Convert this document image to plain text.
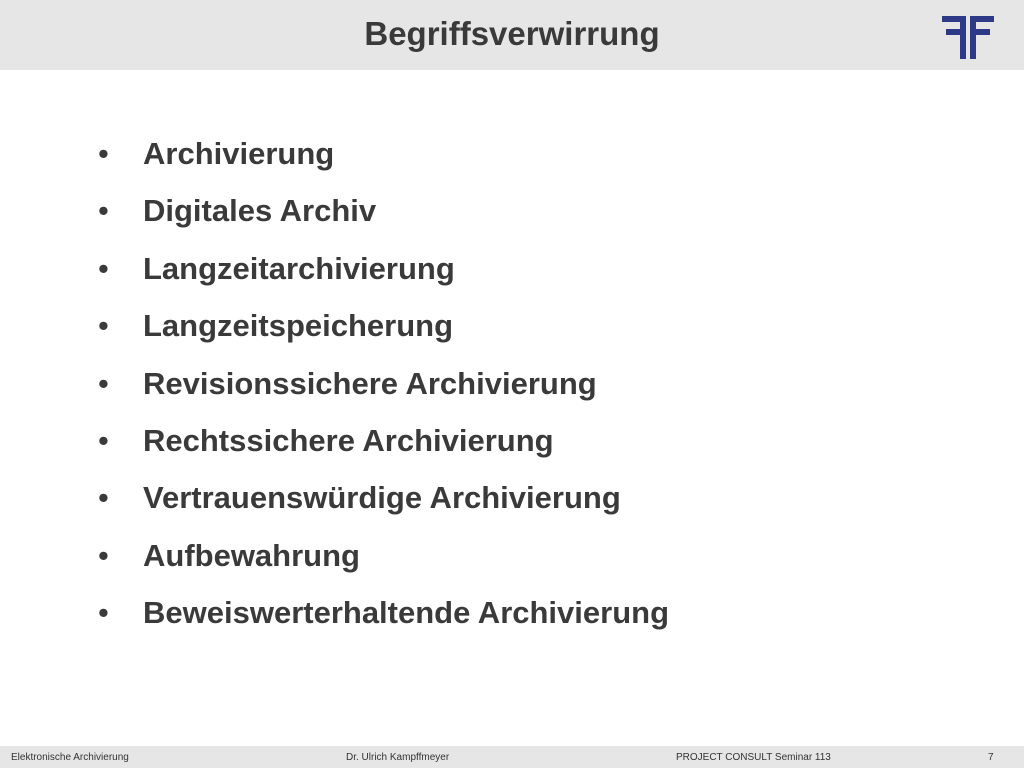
Begriffsverwirrung
•	Archivierung
•	Digitales Archiv
•	Langzeitarchivierung
•	Langzeitspeicherung
•	Revisionssichere Archivierung
•	Rechtssichere Archivierung
•	Vertrauenswürdige Archivierung
•	Aufbewahrung
•	Beweiswerterhaltende Archivierung
Elektronische Archivierung	Dr. Ulrich Kampffmeyer	PROJECT CONSULT Seminar 113	7
